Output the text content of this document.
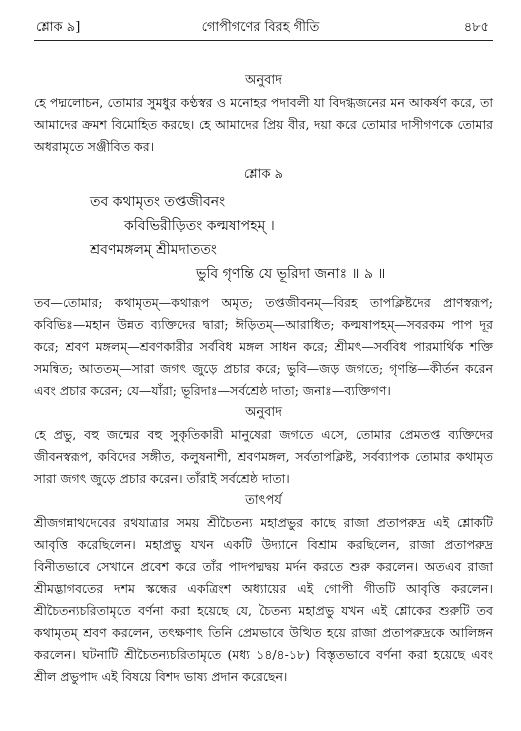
শ্লোক ৯]	গোপীগণের বিরহ গীতি	৪৮৫
অনুবাদ

হে পদ্মলোচন, তোমার সুমধুর কণ্ঠস্বর ও মনোহর পদাবলী যা বিদগ্ধজনের মন আকর্ষণ করে, তা আমাদের ক্রমশ বিমোহিত করছে। হে আমাদের প্রিয় বীর, দয়া করে তোমার দাসীগণকে তোমার অধরামৃতে সঞ্জীবিত কর।

শ্লোক ৯
তব কথামৃতং তপ্তজীবনং
কবিভিরীড়িতং কল্মষাপহম্ ।
শ্রবণমঙ্গলম্ শ্রীমদাততং
ভুবি গৃণন্তি যে ভূরিদা জনাঃ ॥ ৯ ॥

তব—তোমার; কথামৃতম্—কথারূপ অমৃত; তপ্তজীবনম্—বিরহ তাপক্লিষ্টদের প্রাণস্বরূপ; কবিভিঃ—মহান উন্নত ব্যক্তিদের দ্বারা; ঈড়িতম্—আরাধিত; কল্মষাপহম্—সবরকম পাপ দূর করে; শ্রবণ মঙ্গলম্—শ্রবণকারীর সর্ববিধ মঙ্গল সাধন করে; শ্রীমৎ—সর্ববিধ পারমার্থিক শক্তি সমন্বিত; আততম্—সারা জগৎ জুড়ে প্রচার করে; ভুবি—জড় জগতে; গৃণন্তি—কীর্তন করেন এবং প্রচার করেন; যে—যাঁরা; ভূরিদাঃ—সর্বশ্রেষ্ঠ দাতা; জনাঃ—ব্যক্তিগণ।

অনুবাদ

হে প্রভু, বহু জন্মের বহু সুকৃতিকারী মানুষেরা জগতে এসে, তোমার প্রেমতপ্ত ব্যক্তিদের জীবনস্বরূপ, কবিদের সঙ্গীত, কলুষনাশী, শ্রবণমঙ্গল, সর্বতাপক্লিষ্ট, সর্বব্যাপক তোমার কথামৃত সারা জগৎ জুড়ে প্রচার করেন। তাঁরাই সর্বশ্রেষ্ঠ দাতা।

তাৎপর্য

শ্রীজগন্নাথদেবের রথযাত্রার সময় শ্রীচৈতন্য মহাপ্রভুর কাছে রাজা প্রতাপরুদ্র এই শ্লোকটি আবৃত্তি করেছিলেন। মহাপ্রভু যখন একটি উদ্যানে বিশ্রাম করছিলেন, রাজা প্রতাপরুদ্র বিনীতভাবে সেখানে প্রবেশ করে তাঁর পাদপদ্মদ্বয় মর্দন করতে শুরু করলেন। অতএব রাজা শ্রীমদ্ভাগবতের দশম স্কন্ধের একত্রিংশ অধ্যায়ের এই গোপী গীতটি আবৃত্তি করলেন। শ্রীচৈতন্যচরিতামৃতে বর্ণনা করা হয়েছে যে, চৈতন্য মহাপ্রভু যখন এই শ্লোকের শুরুটি তব কথামৃতম্ শ্রবণ করলেন, তৎক্ষণাৎ তিনি প্রেমভাবে উত্থিত হয়ে রাজা প্রতাপরুদ্রকে আলিঙ্গন করলেন। ঘটনাটি শ্রীচৈতন্যচরিতামৃতে (মধ্য ১৪/৪-১৮) বিস্তৃতভাবে বর্ণনা করা হয়েছে এবং শ্রীল প্রভুপাদ এই বিষয়ে বিশদ ভাষ্য প্রদান করেছেন।
